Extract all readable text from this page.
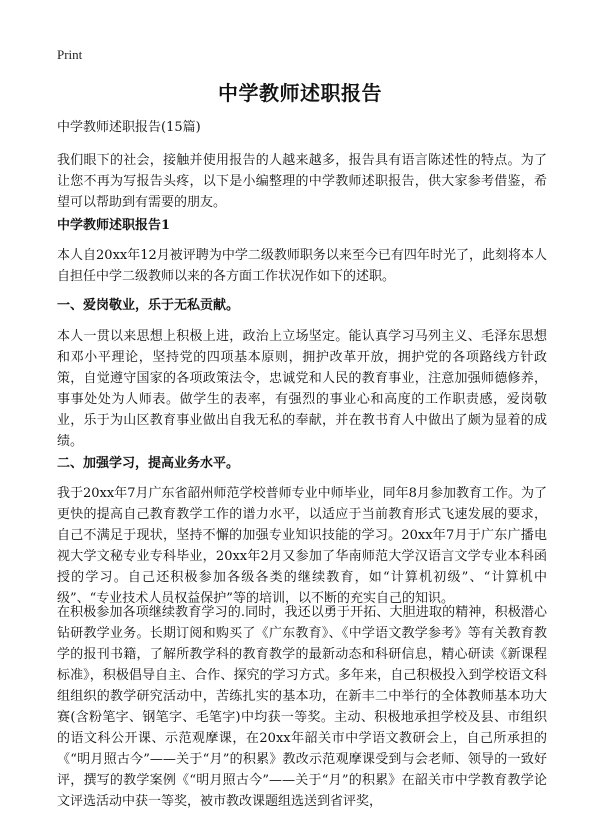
Print
中学教师述职报告
中学教师述职报告(15篇)
我们眼下的社会，接触并使用报告的人越来越多，报告具有语言陈述性的特点。为了让您不再为写报告头疼，以下是小编整理的中学教师述职报告，供大家参考借鉴，希望可以帮助到有需要的朋友。
中学教师述职报告1
本人自20xx年12月被评聘为中学二级教师职务以来至今已有四年时光了，此刻将本人自担任中学二级教师以来的各方面工作状况作如下的述职。
一、爱岗敬业，乐于无私贡献。
本人一贯以来思想上积极上进，政治上立场坚定。能认真学习马列主义、毛泽东思想和邓小平理论，坚持党的四项基本原则，拥护改革开放，拥护党的各项路线方针政策，自觉遵守国家的各项政策法令，忠诚党和人民的教育事业，注意加强师德修养，事事处处为人师表。做学生的表率，有强烈的事业心和高度的工作职责感，爱岗敬业，乐于为山区教育事业做出自我无私的奉献，并在教书育人中做出了颇为显着的成绩。
二、加强学习，提高业务水平。
我于20xx年7月广东省韶州师范学校普师专业中师毕业，同年8月参加教育工作。为了更快的提高自己教育教学工作的谱力水平，以适应于当前教育形式飞速发展的要求，自己不满足于现状，坚持不懈的加强专业知识技能的学习。20xx年7月于广东广播电视大学文秘专业专科毕业，20xx年2月又参加了华南师范大学汉语言文学专业本科函授的学习。自己还积极参加各级各类的继续教育，如“计算机初级”、“计算机中级”、“专业技术人员权益保护”等的培训，以不断的充实自己的知识。
在积极参加各项继续教育学习的.同时，我还以勇于开拓、大胆进取的精神，积极潜心钻研教学业务。长期订阅和购买了《广东教育》、《中学语文教学参考》等有关教育教学的报刊书籍，了解所教学科的教育教学的最新动态和科研信息，精心研读《新课程标准》，积极倡导自主、合作、探究的学习方式。多年来，自己积极投入到学校语文科组组织的教学研究活动中，苦练扎实的基本功，在新丰二中举行的全体教师基本功大赛(含粉笔字、钢笔字、毛笔字)中均获一等奖。主动、积极地承担学校及县、市组织的语文科公开课、示范观摩课，在20xx年韶关市中学语文教研会上，自己所承担的《“明月照古今”——关于“月”的积累》教改示范观摩课受到与会老师、领导的一致好评，撰写的教学案例《“明月照古今”——关于“月”的积累》在韶关市中学教育教学论文评选活动中获一等奖，被市教改课题组选送到省评奖，
